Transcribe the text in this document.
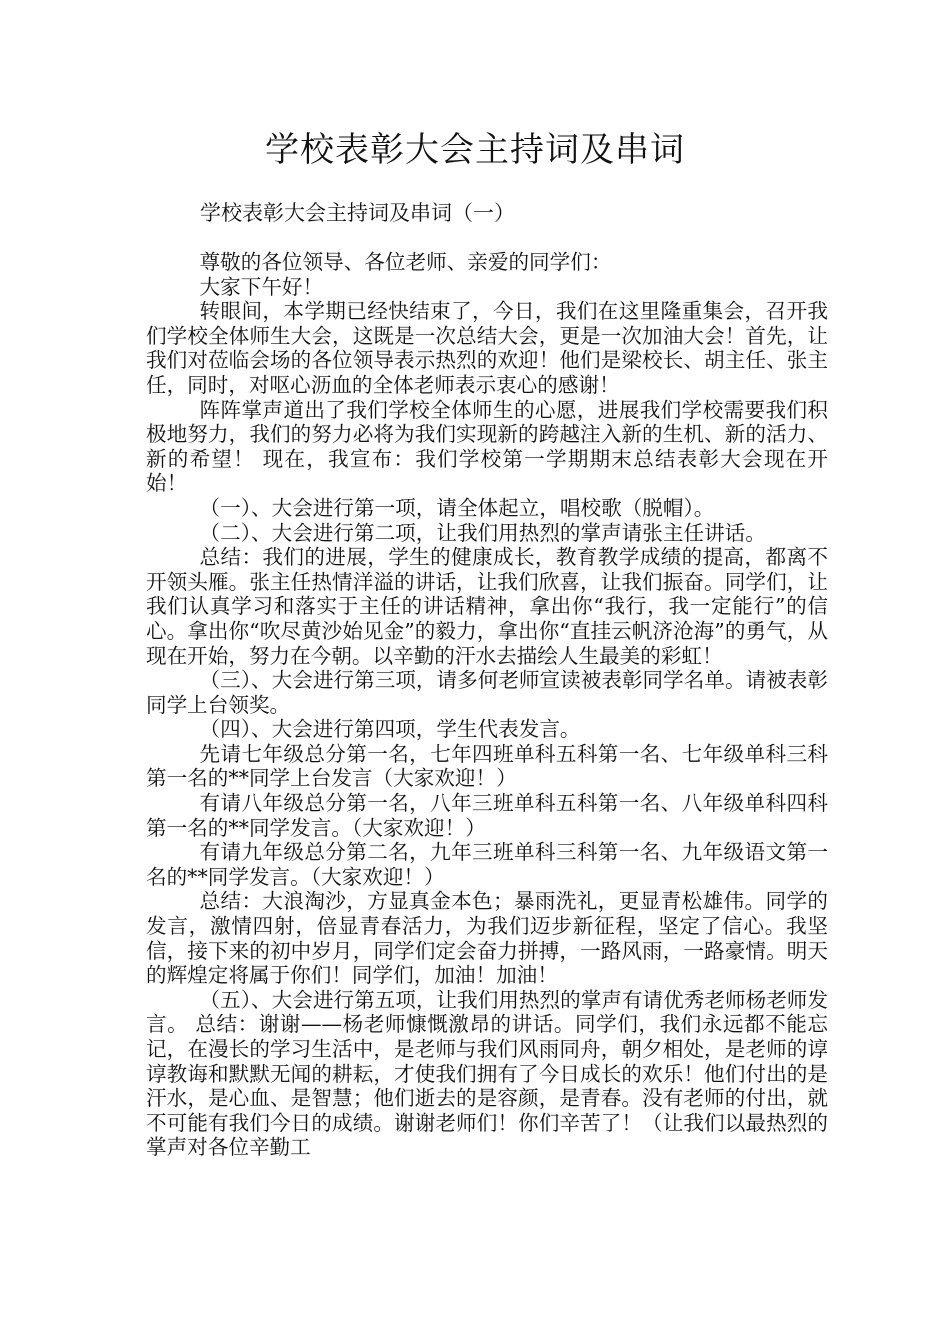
学校表彰大会主持词及串词

学校表彰大会主持词及串词（一）

尊敬的各位领导、各位老师、亲爱的同学们：

大家下午好！

转眼间，本学期已经快结束了，今日，我们在这里隆重集会，召开我们学校全体师生大会，这既是一次总结大会，更是一次加油大会！首先，让我们对莅临会场的各位领导表示热烈的欢迎！他们是梁校长、胡主任、张主任，同时，对呕心沥血的全体老师表示衷心的感谢！

阵阵掌声道出了我们学校全体师生的心愿，进展我们学校需要我们积极地努力，我们的努力必将为我们实现新的跨越注入新的生机、新的活力、新的希望！ 现在，我宣布：我们学校第一学期期末总结表彰大会现在开始！

（一）、大会进行第一项，请全体起立，唱校歌（脱帽）。

（二）、大会进行第二项，让我们用热烈的掌声请张主任讲话。

总结：我们的进展，学生的健康成长，教育教学成绩的提高，都离不开领头雁。张主任热情洋溢的讲话，让我们欣喜，让我们振奋。同学们，让我们认真学习和落实于主任的讲话精神，拿出你“我行，我一定能行”的信心。拿出你“吹尽黄沙始见金”的毅力，拿出你“直挂云帆济沧海”的勇气，从现在开始，努力在今朝。以辛勤的汗水去描绘人生最美的彩虹！

（三）、大会进行第三项，请多何老师宣读被表彰同学名单。请被表彰同学上台领奖。

（四）、大会进行第四项，学生代表发言。

先请七年级总分第一名，七年四班单科五科第一名、七年级单科三科第一名的**同学上台发言（大家欢迎！）

有请八年级总分第一名，八年三班单科五科第一名、八年级单科四科第一名的**同学发言。（大家欢迎！）

有请九年级总分第二名，九年三班单科三科第一名、九年级语文第一名的**同学发言。（大家欢迎！）

总结：大浪淘沙，方显真金本色；暴雨洗礼，更显青松雄伟。同学的发言，激情四射，倍显青春活力，为我们迈步新征程，坚定了信心。我坚信，接下来的初中岁月，同学们定会奋力拼搏，一路风雨，一路豪情。明天的辉煌定将属于你们！同学们，加油！加油！

（五）、大会进行第五项，让我们用热烈的掌声有请优秀老师杨老师发言。 总结：谢谢——杨老师慷慨激昂的讲话。同学们，我们永远都不能忘记，在漫长的学习生活中，是老师与我们风雨同舟，朝夕相处，是老师的谆谆教诲和默默无闻的耕耘，才使我们拥有了今日成长的欢乐！他们付出的是汗水，是心血、是智慧；他们逝去的是容颜，是青春。没有老师的付出，就不可能有我们今日的成绩。谢谢老师们！你们辛苦了！（让我们以最热烈的掌声对各位辛勤工
